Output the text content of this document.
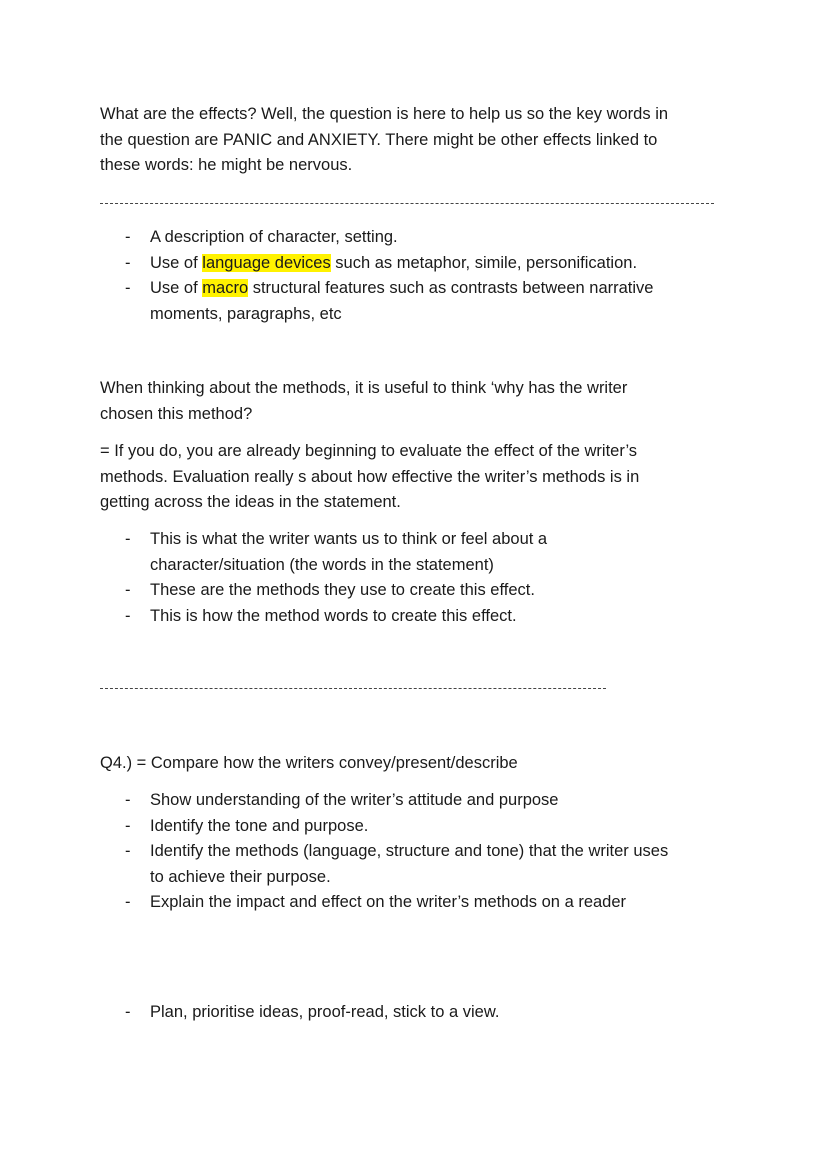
What are the effects? Well, the question is here to help us so the key words in
the question are PANIC and ANXIETY. There might be other effects linked to
these words: he might be nervous.

- A description of character, setting.
- Use of language devices such as metaphor, simile, personification.
- Use of macro structural features such as contrasts between narrative
moments, paragraphs, etc

When thinking about the methods, it is useful to think ‘why has the writer
chosen this method?

= If you do, you are already beginning to evaluate the effect of the writer’s
methods. Evaluation really s about how effective the writer’s methods is in
getting across the ideas in the statement.

- This is what the writer wants us to think or feel about a
character/situation (the words in the statement)
- These are the methods they use to create this effect.
- This is how the method words to create this effect.

Q4.) = Compare how the writers convey/present/describe

- Show understanding of the writer’s attitude and purpose
- Identify the tone and purpose.
- Identify the methods (language, structure and tone) that the writer uses
to achieve their purpose.
- Explain the impact and effect on the writer’s methods on a reader
- Plan, prioritise ideas, proof-read, stick to a view.
